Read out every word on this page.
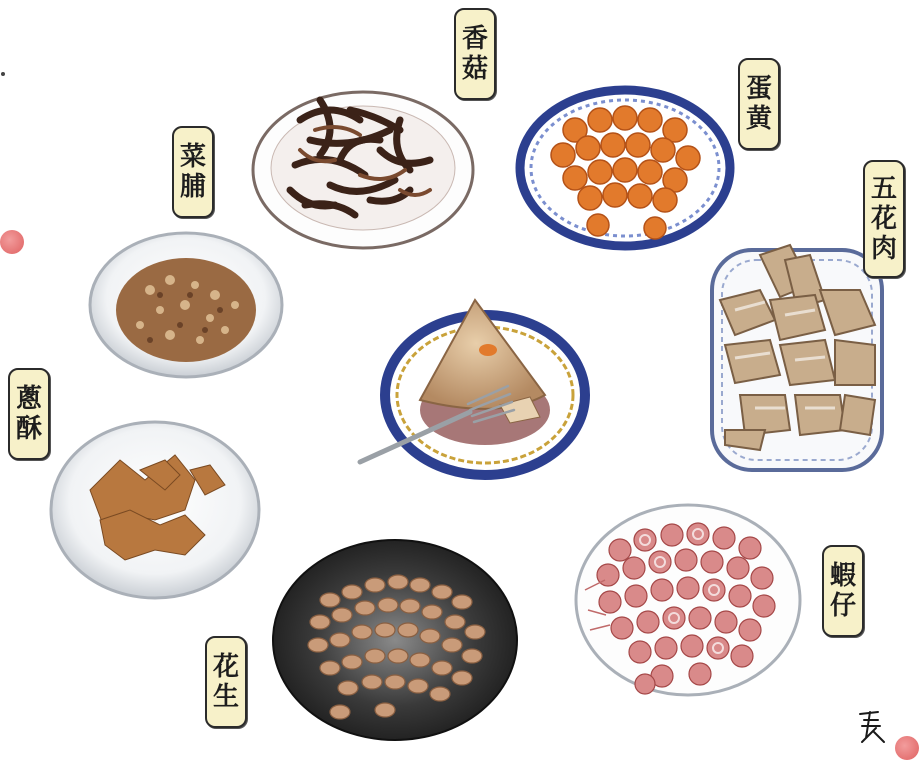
香
菇
蛋
黄
五
花
肉
菜
脯
蔥
酥
花
生
蝦
仔
